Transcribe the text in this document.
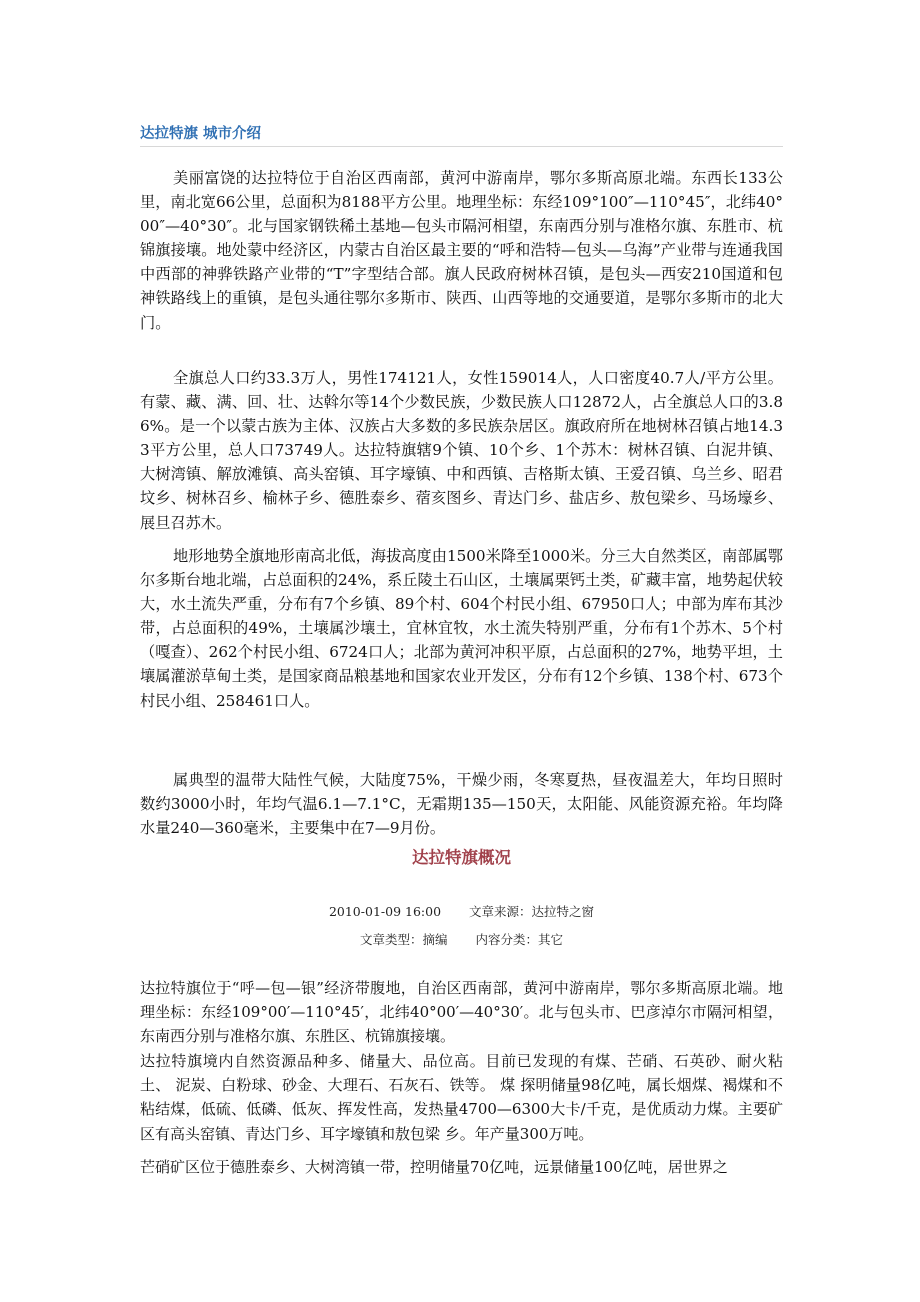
达拉特旗 城市介绍

美丽富饶的达拉特位于自治区西南部，黄河中游南岸，鄂尔多斯高原北端。东西长133公里，南北宽66公里，总面积为8188平方公里。地理坐标：东经109°100″—110°45″，北纬40°00″—40°30″。北与国家钢铁稀土基地—包头市隔河相望，东南西分别与准格尔旗、东胜市、杭锦旗接壤。地处蒙中经济区，内蒙古自治区最主要的“呼和浩特—包头—乌海”产业带与连通我国中西部的神骅铁路产业带的“T”字型结合部。旗人民政府树林召镇，是包头—西安210国道和包神铁路线上的重镇，是包头通往鄂尔多斯市、陕西、山西等地的交通要道，是鄂尔多斯市的北大门。

全旗总人口约33.3万人，男性174121人，女性159014人，人口密度40.7人/平方公里。有蒙、藏、满、回、壮、达斡尔等14个少数民族，少数民族人口12872人，占全旗总人口的3.86%。是一个以蒙古族为主体、汉族占大多数的多民族杂居区。旗政府所在地树林召镇占地14.33平方公里，总人口73749人。达拉特旗辖9个镇、10个乡、1个苏木：树林召镇、白泥井镇、大树湾镇、解放滩镇、高头窑镇、耳字壕镇、中和西镇、吉格斯太镇、王爱召镇、乌兰乡、昭君坟乡、树林召乡、榆林子乡、德胜泰乡、蓿亥图乡、青达门乡、盐店乡、敖包梁乡、马场壕乡、展旦召苏木。

地形地势全旗地形南高北低，海拔高度由1500米降至1000米。分三大自然类区，南部属鄂尔多斯台地北端，占总面积的24%，系丘陵土石山区，土壤属栗钙土类，矿藏丰富，地势起伏较大，水土流失严重，分布有7个乡镇、89个村、604个村民小组、67950口人；中部为库布其沙带，占总面积的49%，土壤属沙壤土，宜林宜牧，水土流失特别严重，分布有1个苏木、5个村（嘎查）、262个村民小组、6724口人；北部为黄河冲积平原，占总面积的27%，地势平坦，土壤属灌淤草甸土类，是国家商品粮基地和国家农业开发区，分布有12个乡镇、138个村、673个村民小组、258461口人。

属典型的温带大陆性气候，大陆度75%，干燥少雨，冬寒夏热，昼夜温差大，年均日照时数约3000小时，年均气温6.1—7.1°C，无霜期135—150天，太阳能、风能资源充裕。年均降水量240—360毫米，主要集中在7—9月份。

达拉特旗概况
2010-01-09 16:00 文章来源：达拉特之窗
文章类型：摘编 内容分类：其它

达拉特旗位于“呼—包—银”经济带腹地，自治区西南部，黄河中游南岸，鄂尔多斯高原北端。地理坐标：东经109°00′—110°45′，北纬40°00′—40°30′。北与包头市、巴彦淖尔市隔河相望，东南西分别与准格尔旗、东胜区、杭锦旗接壤。

达拉特旗境内自然资源品种多、储量大、品位高。目前已发现的有煤、芒硝、石英砂、耐火粘土、 泥炭、白粉球、砂金、大理石、石灰石、铁等。 煤 探明储量98亿吨，属长烟煤、褐煤和不粘结煤，低硫、低磷、低灰、挥发性高，发热量4700—6300大卡/千克，是优质动力煤。主要矿区有高头窑镇、青达门乡、耳字壕镇和敖包梁 乡。年产量300万吨。

芒硝矿区位于德胜泰乡、大树湾镇一带，控明储量70亿吨，远景储量100亿吨，居世界之
